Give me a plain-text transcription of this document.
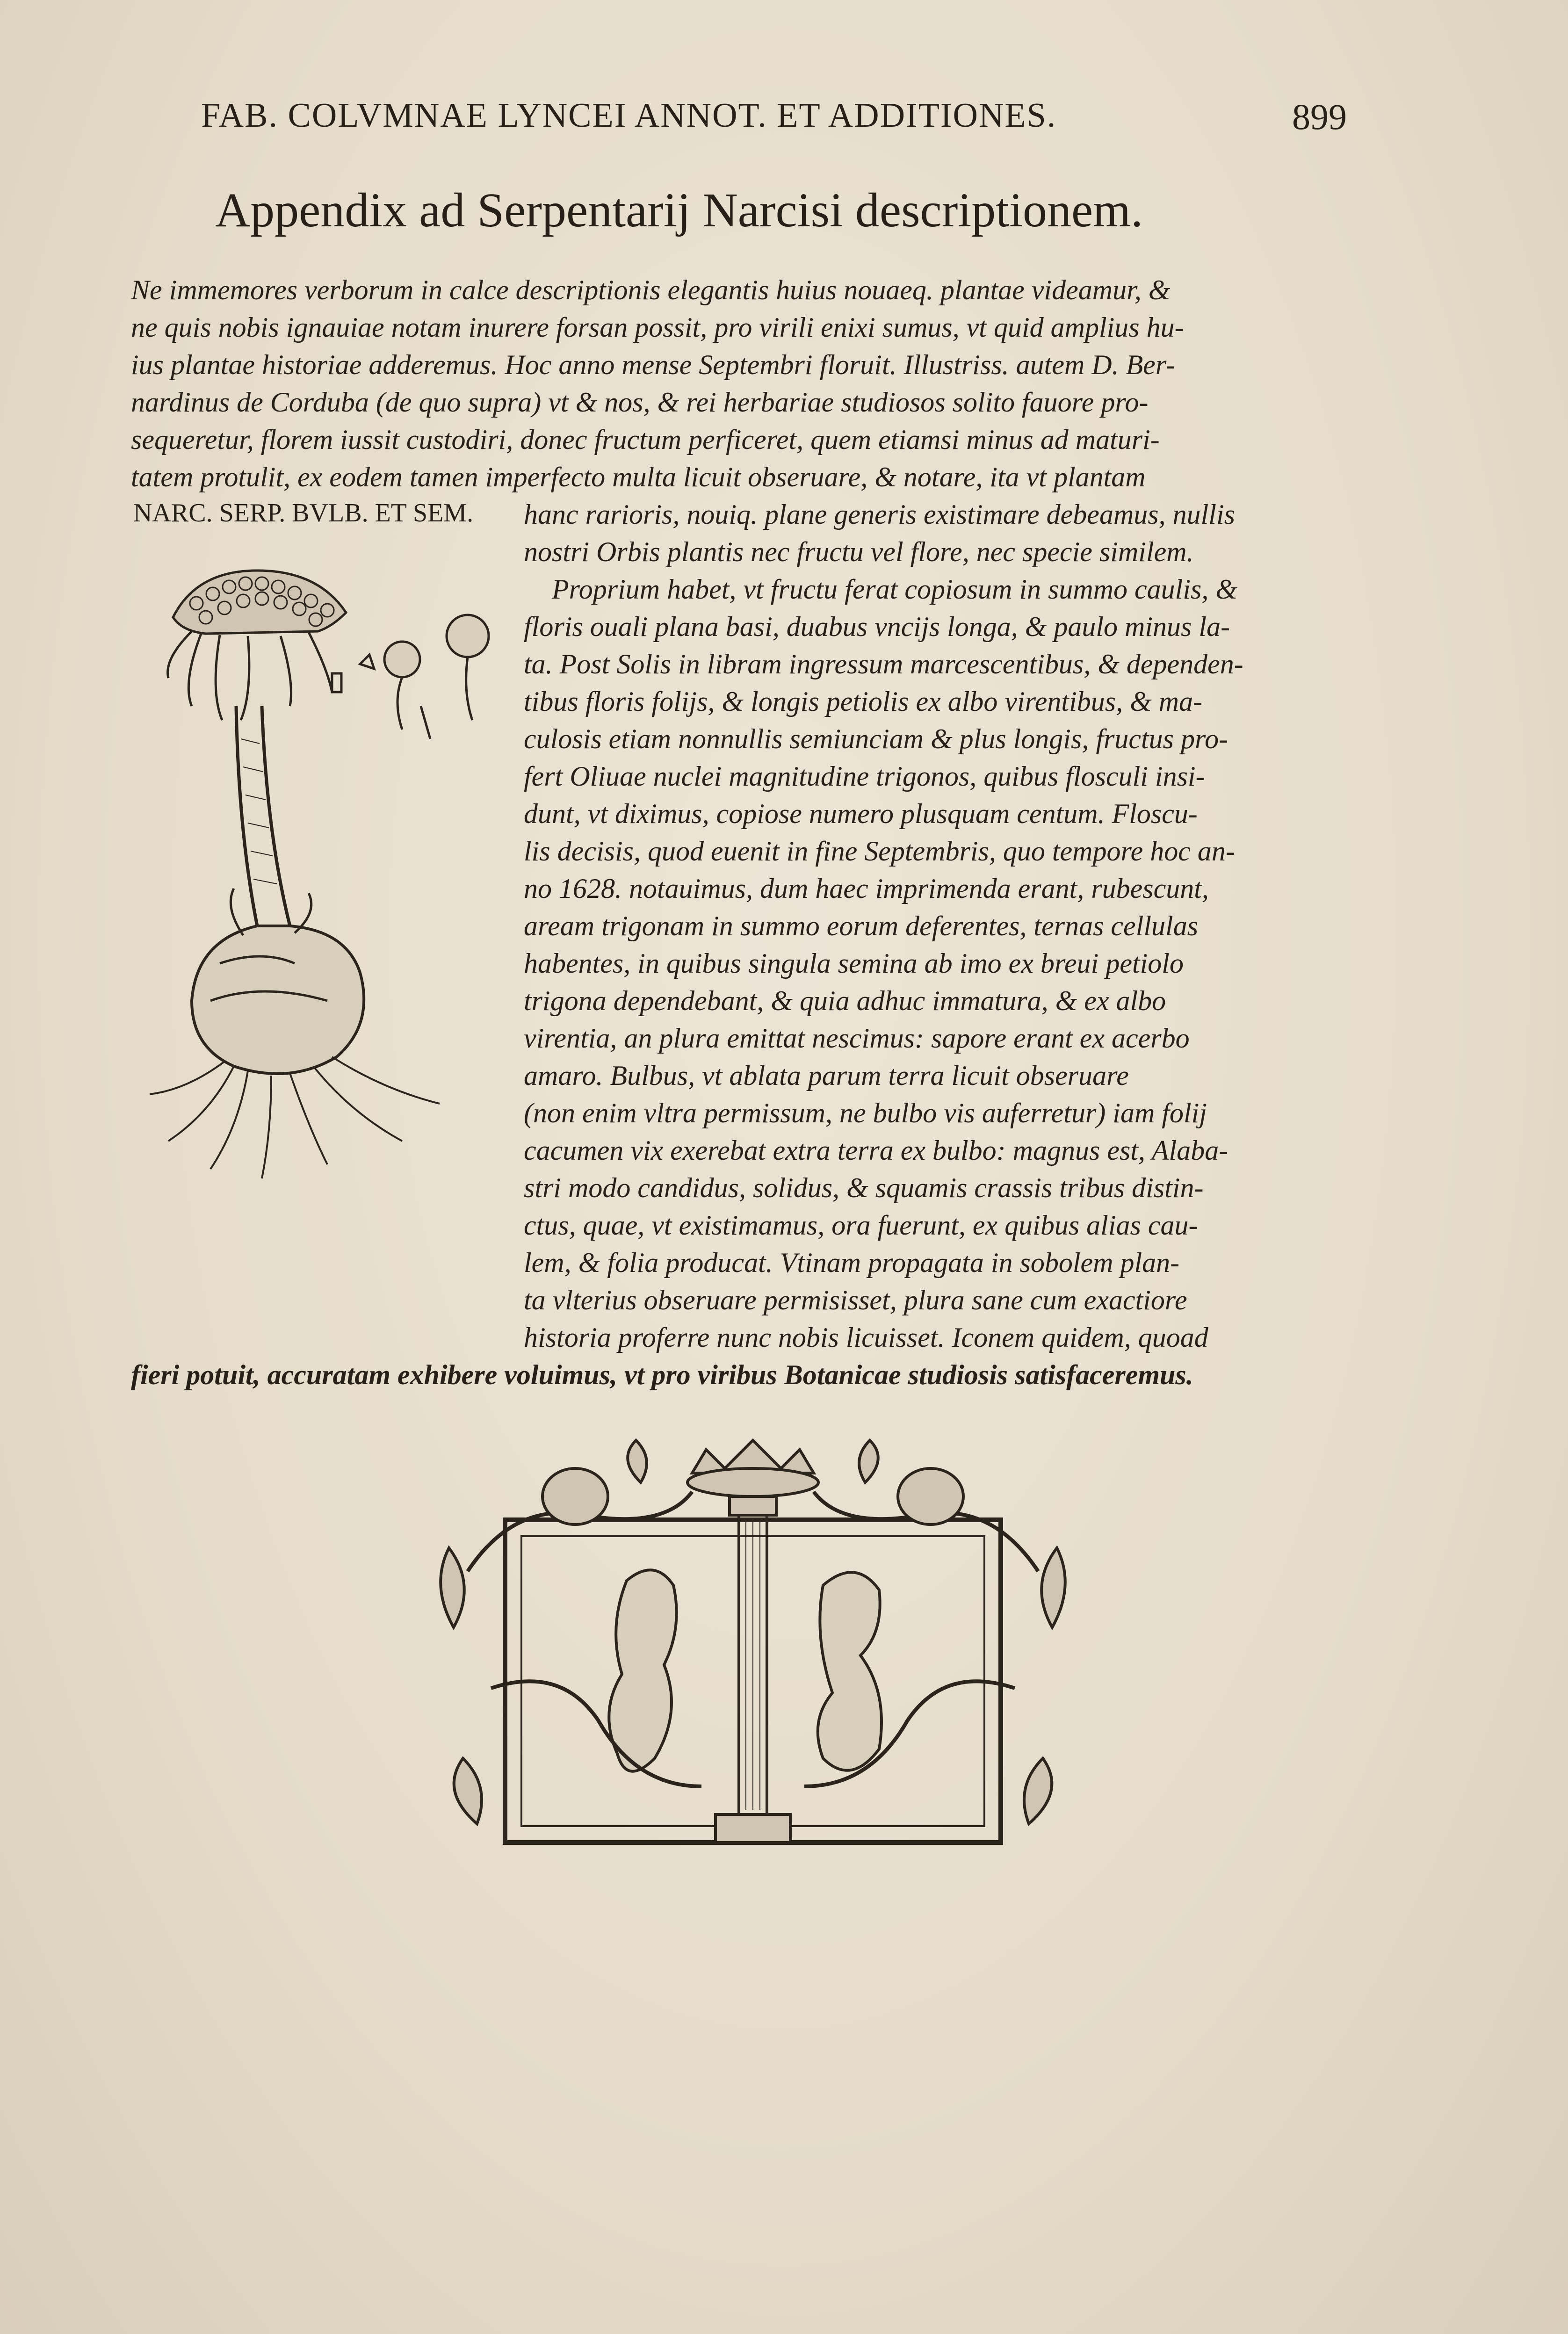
FAB. COLVMNAE LYNCEI ANNOT. ET ADDITIONES.	899
Appendix ad Serpentarij Narcisi descriptionem.
Ne immemores verborum in calce descriptionis elegantis huius nouaeq. plantae videamur, &
ne quis nobis ignauiae notam inurere forsan possit, pro virili enixi sumus, vt quid amplius hu-
ius plantae historiae adderemus. Hoc anno mense Septembri floruit. Illustriss. autem D. Ber-
nardinus de Corduba (de quo supra) vt & nos, & rei herbariae studiosos solito fauore pro-
sequeretur, florem iussit custodiri, donec fructum perficeret, quem etiamsi minus ad maturi-
tatem protulit, ex eodem tamen imperfecto multa licuit obseruare, & notare, ita vt plantam
NARC. SERP. BVLB. ET SEM. hanc rarioris, nouiq. plane generis existimare debeamus, nullis
nostri Orbis plantis nec fructu vel flore, nec specie similem.
Proprium habet, vt fructu ferat copiosum in summo caulis, &
floris ouali plana basi, duabus vncijs longa, & paulo minus la-
ta. Post Solis in libram ingressum marcescentibus, & dependen-
tibus floris folijs, & longis petiolis ex albo virentibus, & ma-
culosis etiam nonnullis semiunciam & plus longis, fructus pro-
fert Oliuae nuclei magnitudine trigonos, quibus flosculi insi-
dunt, vt diximus, copiose numero plusquam centum. Floscu-
lis decisis, quod euenit in fine Septembris, quo tempore hoc an-
no 1628. notauimus, dum haec imprimenda erant, rubescunt,
aream trigonam in summo eorum deferentes, ternas cellulas
habentes, in quibus singula semina ab imo ex breui petiolo
trigona dependebant, & quia adhuc immatura, & ex albo
virentia, an plura emittat nescimus: sapore erant ex acerbo
amaro. Bulbus, vt ablata parum terra licuit obseruare
(non enim vltra permissum, ne bulbo vis auferretur) iam folij
cacumen vix exerebat extra terra ex bulbo: magnus est, Alaba-
stri modo candidus, solidus, & squamis crassis tribus distin-
ctus, quae, vt existimamus, ora fuerunt, ex quibus alias cau-
lem, & folia producat. Vtinam propagata in sobolem plan-
ta vlterius obseruare permisisset, plura sane cum exactiore
historia proferre nunc nobis licuisset. Iconem quidem, quoad
fieri potuit, accuratam exhibere voluimus, vt pro viribus Botanicae studiosis satisfaceremus.
